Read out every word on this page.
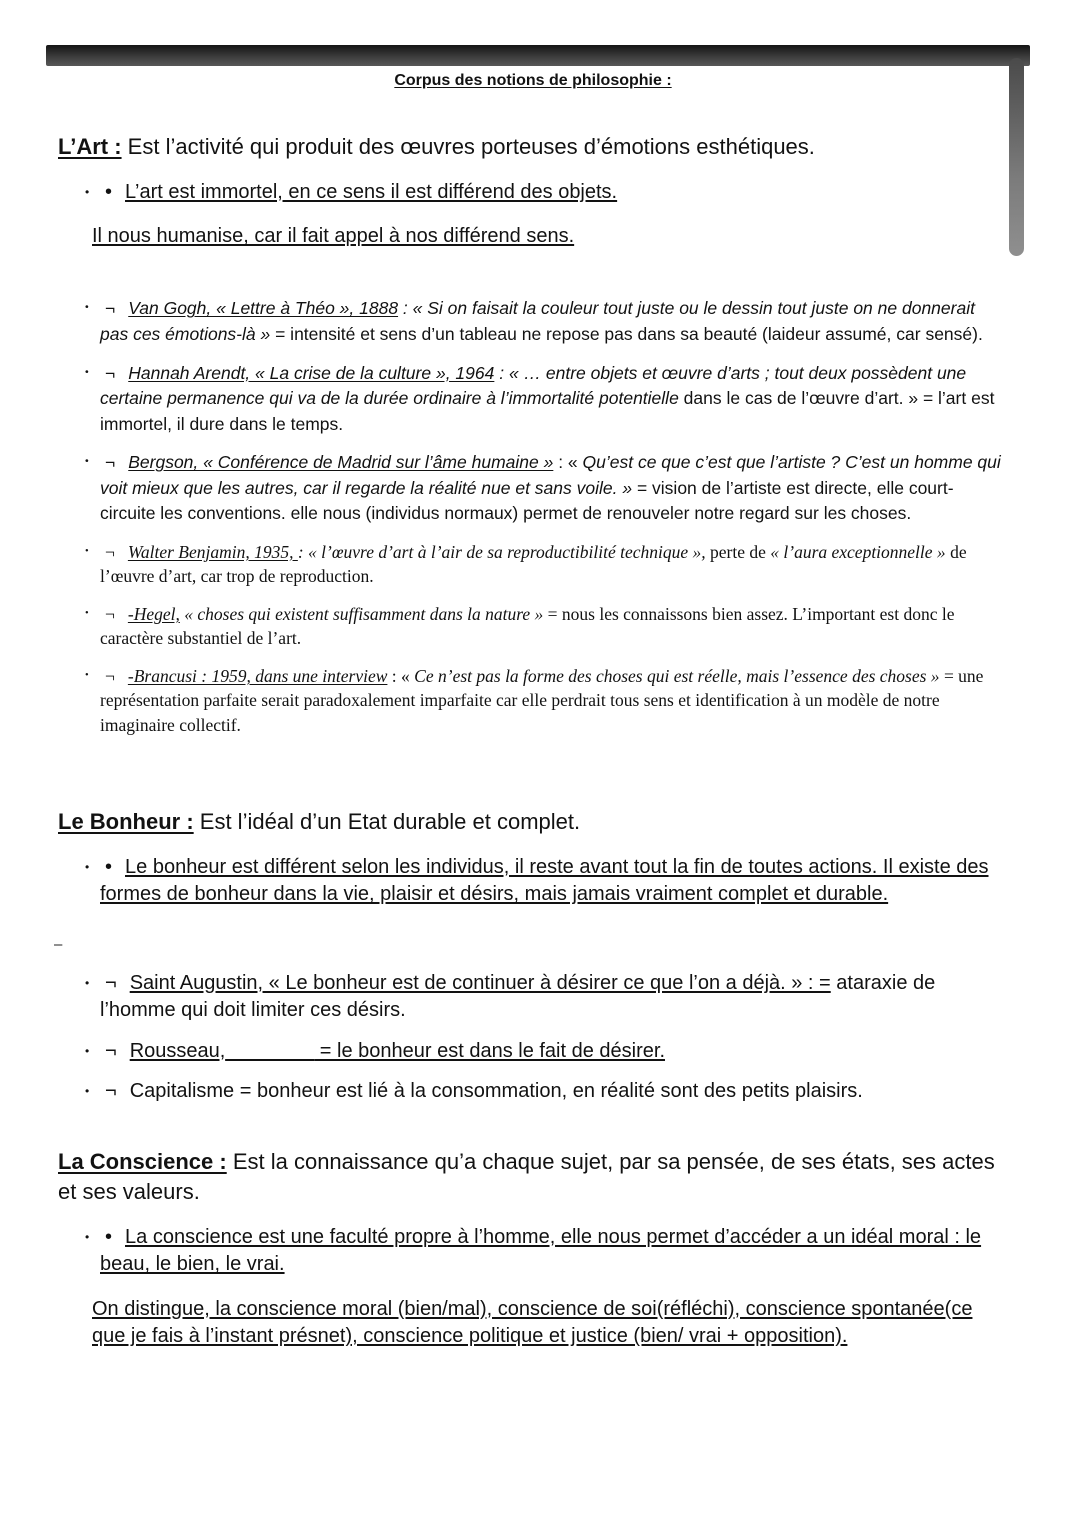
Corpus des notions de philosophie :
L’Art : Est l’activité qui produit des œuvres porteuses d’émotions esthétiques.
• • L’art est immortel, en ce sens il est différend des objets.
Il nous humanise, car il fait appel à nos différend sens.
• ¬ Van Gogh, « Lettre à Théo », 1888 : « Si on faisait la couleur tout juste ou le dessin tout juste on ne donnerait pas ces émotions-là » = intensité et sens d’un tableau ne repose pas dans sa beauté (laideur assumé, car sensé).
• ¬ Hannah Arendt, « La crise de la culture », 1964 : « … entre objets et œuvre d’arts ; tout deux possèdent une certaine permanence qui va de la durée ordinaire à l’immortalité potentielle dans le cas de l’œuvre d’art. » = l’art est immortel, il dure dans le temps.
• ¬ Bergson, « Conférence de Madrid sur l’âme humaine » : « Qu’est ce que c’est que l’artiste ? C’est un homme qui voit mieux que les autres, car il regarde la réalité nue et sans voile. » = vision de l’artiste est directe, elle court-circuite les conventions. elle nous (individus normaux) permet de renouveler notre regard sur les choses.
• ¬ Walter Benjamin, 1935, : « l’œuvre d’art à l’air de sa reproductibilité technique », perte de « l’aura exceptionnelle » de l’œuvre d’art, car trop de reproduction.
• ¬ -Hegel, « choses qui existent suffisamment dans la nature » = nous les connaissons bien assez. L’important est donc le caractère substantiel de l’art.
• ¬ -Brancusi : 1959, dans une interview : « Ce n’est pas la forme des choses qui est réelle, mais l’essence des choses » = une représentation parfaite serait paradoxalement imparfaite car elle perdrait tous sens et identification à un modèle de notre imaginaire collectif.
Le Bonheur : Est l’idéal d’un Etat durable et complet.
• • Le bonheur est différent selon les individus, il reste avant tout la fin de toutes actions. Il existe des formes de bonheur dans la vie, plaisir et désirs, mais jamais vraiment complet et durable.
–
• ¬ Saint Augustin, « Le bonheur est de continuer à désirer ce que l’on a déjà. » : = ataraxie de l’homme qui doit limiter ces désirs.
• ¬ Rousseau,	= le bonheur est dans le fait de désirer.
• ¬ Capitalisme = bonheur est lié à la consommation, en réalité sont des petits plaisirs.
La Conscience : Est la connaissance qu’a chaque sujet, par sa pensée, de ses états, ses actes et ses valeurs.
• • La conscience est une faculté propre à l’homme, elle nous permet d’accéder a un idéal moral : le beau, le bien, le vrai.
On distingue, la conscience moral (bien/mal), conscience de soi(réfléchi), conscience spontanée(ce que je fais à l’instant présnet), conscience politique et justice (bien/ vrai + opposition).
